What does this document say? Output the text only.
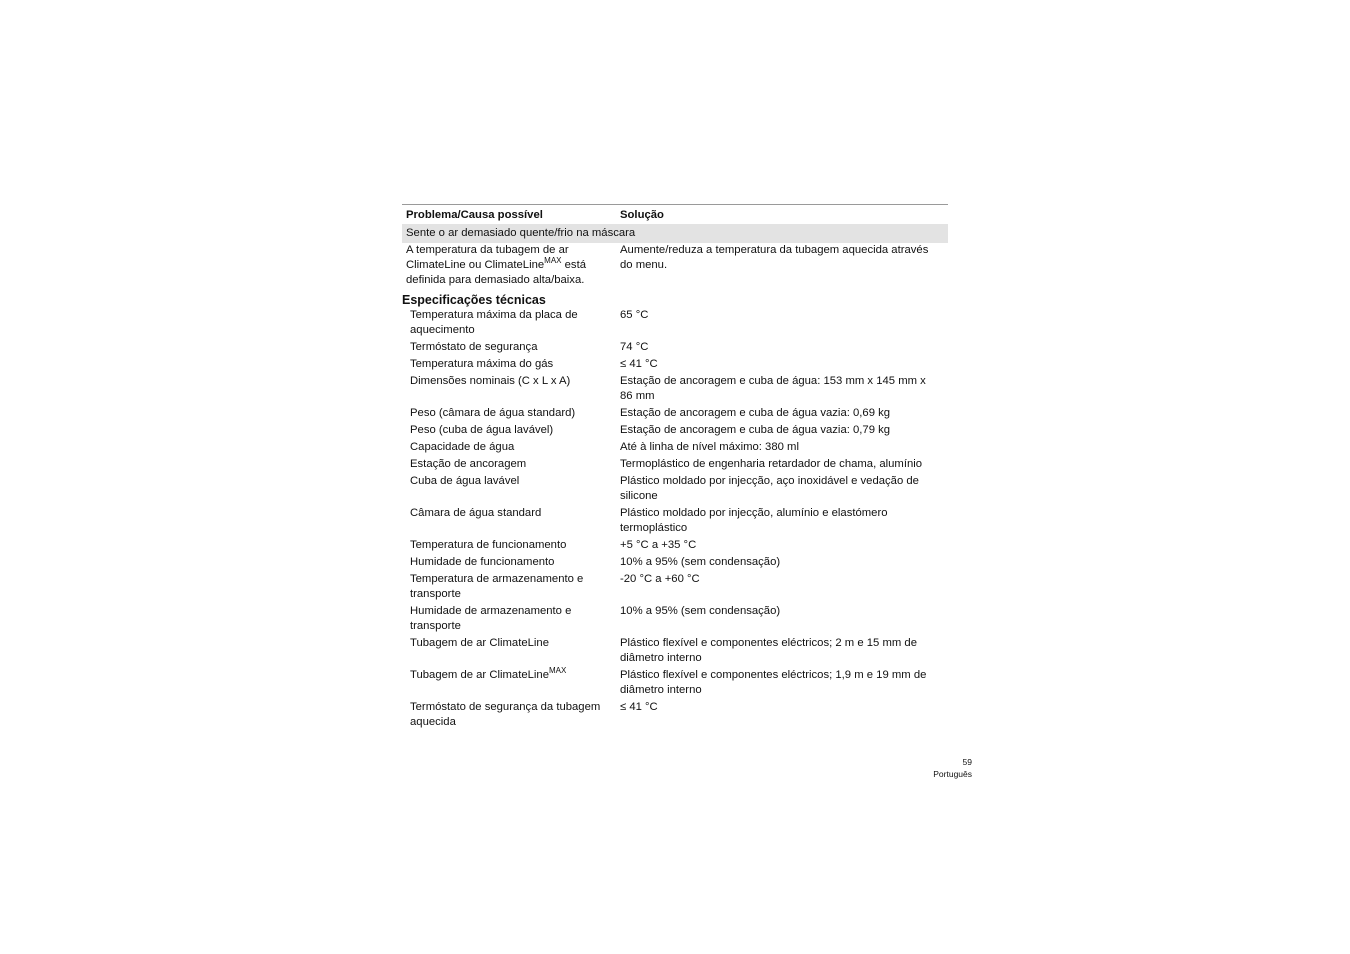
Problema/Causa possível	Solução
Sente o ar demasiado quente/frio na máscara	
A temperatura da tubagem de ar ClimateLine ou ClimateLine$^{MAX}$ está definida para demasiado alta/baixa.	Aumente/reduza a temperatura da tubagem aquecida através do menu.
Especificações técnicas
Temperatura máxima da placa de aquecimento	65 °C
Termóstato de segurança	74 °C
Temperatura máxima do gás	≤ 41 °C
Dimensões nominais (C x L x A)	Estação de ancoragem e cuba de água: 153 mm x 145 mm x 86 mm
Peso (câmara de água standard)	Estação de ancoragem e cuba de água vazia: 0,69 kg
Peso (cuba de água lavável)	Estação de ancoragem e cuba de água vazia: 0,79 kg
Capacidade de água	Até à linha de nível máximo: 380 ml
Estação de ancoragem	Termoplástico de engenharia retardador de chama, alumínio
Cuba de água lavável	Plástico moldado por injecção, aço inoxidável e vedação de silicone
Câmara de água standard	Plástico moldado por injecção, alumínio e elastómero termoplástico
Temperatura de funcionamento	+5 °C a +35 °C
Humidade de funcionamento	10% a 95% (sem condensação)
Temperatura de armazenamento e transporte	-20 °C a +60 °C
Humidade de armazenamento e transporte	10% a 95% (sem condensação)
Tubagem de ar ClimateLine	Plástico flexível e componentes eléctricos; 2 m e 15 mm de diâmetro interno
Tubagem de ar ClimateLine$^{MAX}$	Plástico flexível e componentes eléctricos; 1,9 m e 19 mm de diâmetro interno
Termóstato de segurança da tubagem aquecida	≤ 41 °C
59
Português
